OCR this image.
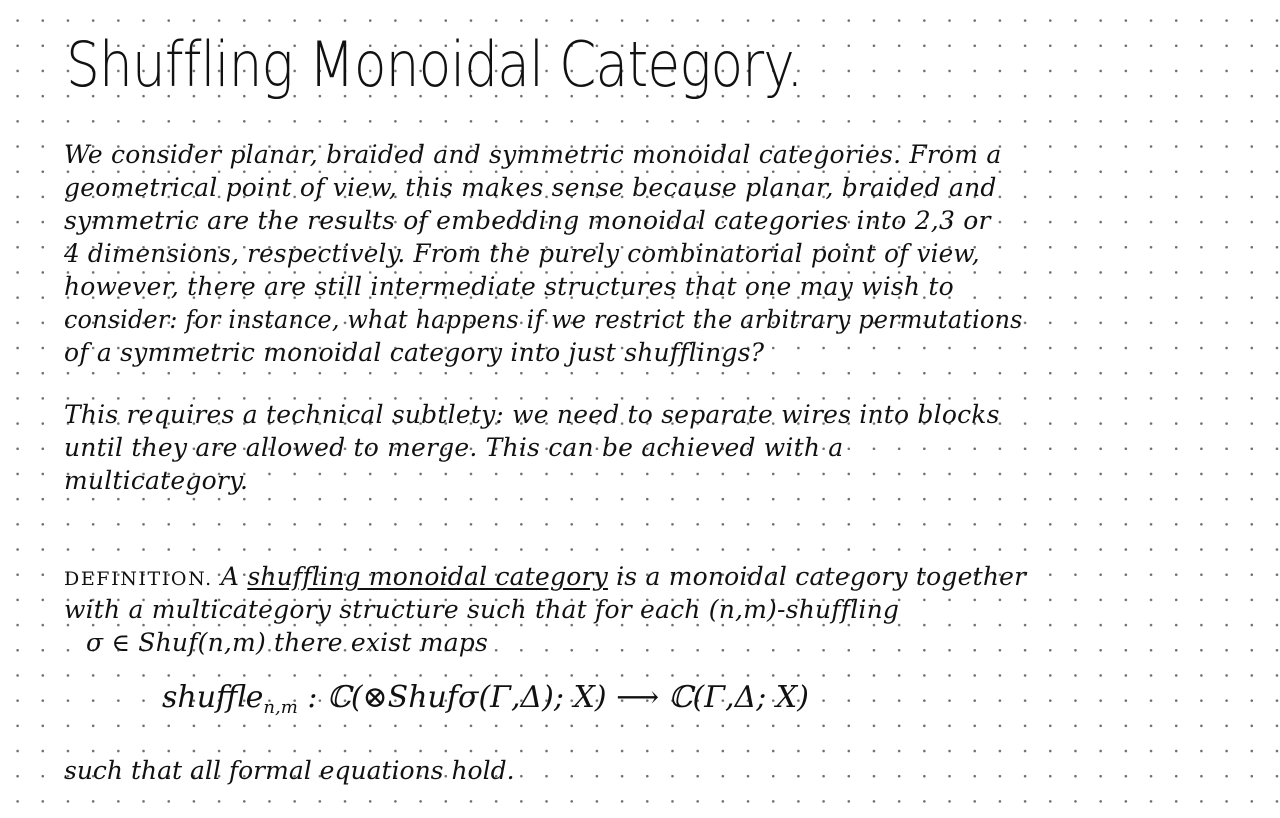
Shuffling Monoidal Category.
We consider planar, braided and symmetric monoidal categories. From a
geometrical point of view, this makes sense because planar, braided and
symmetric are the results of embedding monoidal categories into 2,3 or
4 dimensions, respectively. From the purely combinatorial point of view,
however, there are still intermediate structures that one may wish to
consider: for instance, what happens if we restrict the arbitrary permutations
of a symmetric monoidal category into just shufflings?
This requires a technical subtlety: we need to separate wires into blocks
until they are allowed to merge. This can be achieved with a
multicategory.
DEFINITION. A shuffling monoidal category is a monoidal category together
with a multicategory structure such that for each (n,m)-shuffling
σ ∈ Shuf(n,m) there exist maps
shuffle$_{n,m}$ : ℂ(⊗Shufσ(Γ,Δ); X) ⟶ ℂ(Γ,Δ; X)

such that all formal equations hold.
